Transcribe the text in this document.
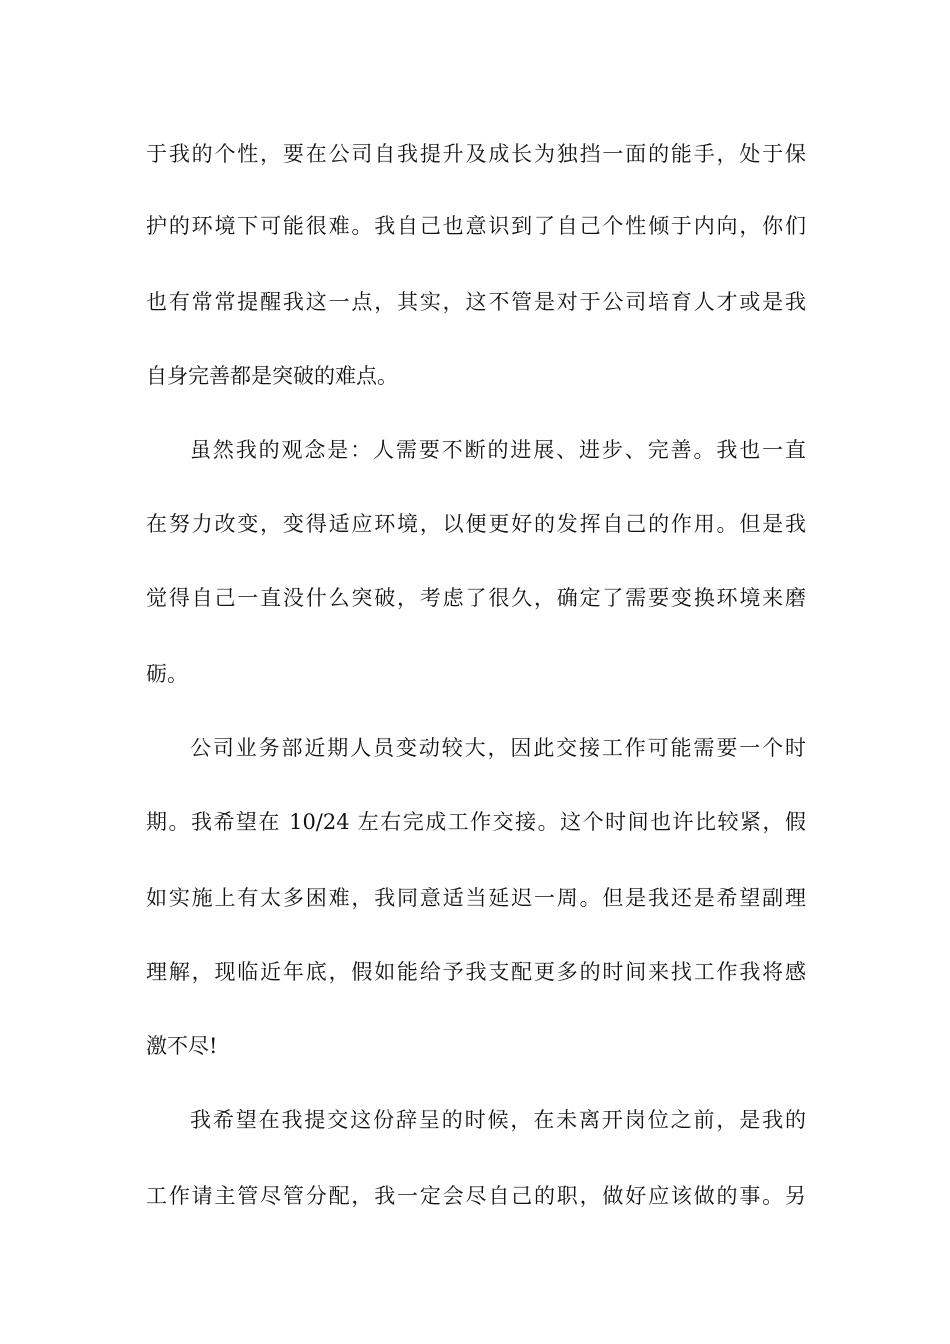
于我的个性，要在公司自我提升及成长为独挡一面的能手，处于保
护的环境下可能很难。我自己也意识到了自己个性倾于内向，你们
也有常常提醒我这一点，其实，这不管是对于公司培育人才或是我
自身完善都是突破的难点。
虽然我的观念是：人需要不断的进展、进步、完善。我也一直
在努力改变，变得适应环境，以便更好的发挥自己的作用。但是我
觉得自己一直没什么突破，考虑了很久，确定了需要变换环境来磨
砺。
公司业务部近期人员变动较大，因此交接工作可能需要一个时
期。我希望在 10/24 左右完成工作交接。这个时间也许比较紧，假
如实施上有太多困难，我同意适当延迟一周。但是我还是希望副理
理解，现临近年底，假如能给予我支配更多的时间来找工作我将感
激不尽!
我希望在我提交这份辞呈的时候，在未离开岗位之前，是我的
工作请主管尽管分配，我一定会尽自己的职，做好应该做的事。另
